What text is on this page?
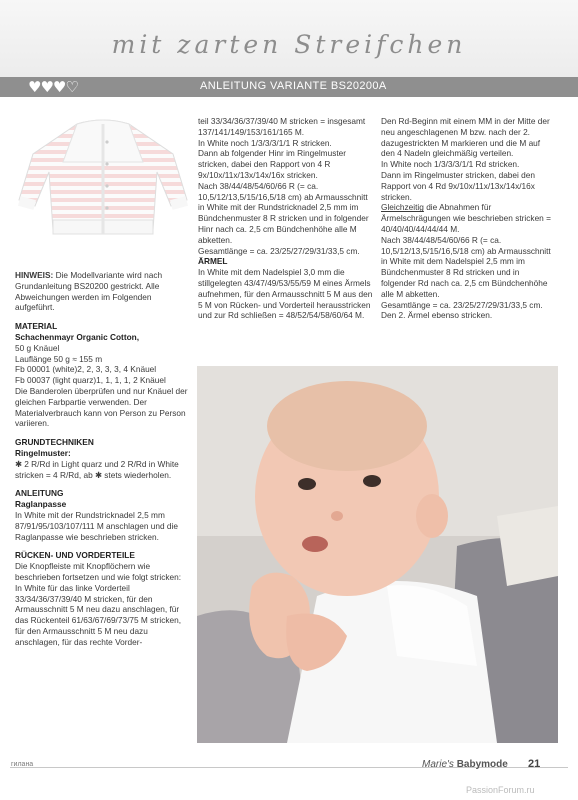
mit zarten Streifchen
♥♥♥♡	ANLEITUNG VARIANTE BS20200A

HINWEIS: Die Modellvariante wird nach Grundanleitung BS20200 gestrickt. Alle Abweichungen werden im Folgenden aufgeführt.

MATERIAL

Schachenmayr Organic Cotton,

50 g Knäuel

Lauflänge 50 g ≈ 155 m

Fb 00001 (white)2, 2, 3, 3, 3, 4 Knäuel

Fb 00037 (light quarz)1, 1, 1, 1, 2 Knäuel

Die Banderolen überprüfen und nur Knäuel der gleichen Farbpartie verwenden. Der Materialverbrauch kann von Person zu Person variieren.

GRUNDTECHNIKEN

Ringelmuster:

✱ 2 R/Rd in Light quarz und 2 R/Rd in White stricken = 4 R/Rd, ab ✱ stets wiederholen.

ANLEITUNG

Raglanpasse

In White mit der Rundstricknadel 2,5 mm 87/91/95/103/107/111 M anschlagen und die Raglanpasse wie beschrieben stricken.

RÜCKEN- UND VORDERTEILE

Die Knopfleiste mit Knopflöchern wie beschrieben fortsetzen und wie folgt stricken: In White für das linke Vorderteil 33/34/36/37/39/40 M stricken, für den Armausschnitt 5 M neu dazu anschlagen, für das Rückenteil 61/63/67/69/73/75 M stricken, für den Armausschnitt 5 M neu dazu anschlagen, für das rechte Vorder-

teil 33/34/36/37/39/40 M stricken = insgesamt 137/141/149/153/161/165 M.

In White noch 1/3/3/3/1/1 R stricken.

Dann ab folgender Hinr im Ringelmuster stricken, dabei den Rapport von 4 R 9x/10x/11x/13x/14x/16x stricken.

Nach 38/44/48/54/60/66 R (= ca. 10,5/12/13,5/15/16,5/18 cm) ab Armausschnitt in White mit der Rundstricknadel 2,5 mm im Bündchenmuster 8 R stricken und in folgender Hinr nach ca. 2,5 cm Bündchenhöhe alle M abketten.

Gesamtlänge = ca. 23/25/27/29/31/33,5 cm.

ÄRMEL

In White mit dem Nadelspiel 3,0 mm die stillgelegten 43/47/49/53/55/59 M eines Ärmels aufnehmen, für den Armausschnitt 5 M aus den 5 M von Rücken- und Vorderteil herausstricken und zur Rd schließen = 48/52/54/58/60/64 M.

Den Rd-Beginn mit einem MM in der Mitte der neu angeschlagenen M bzw. nach der 2. dazugestrickten M markieren und die M auf den 4 Nadeln gleichmäßig verteilen.

In White noch 1/3/3/3/1/1 Rd stricken.

Dann im Ringelmuster stricken, dabei den Rapport von 4 Rd 9x/10x/11x/13x/14x/16x stricken.

Gleichzeitig die Abnahmen für Ärmelschrägungen wie beschrieben stricken = 40/40/40/44/44/44 M.

Nach 38/44/48/54/60/66 R (= ca. 10,5/12/13,5/15/16,5/18 cm) ab Armausschnitt in White mit dem Nadelspiel 2,5 mm im Bündchenmuster 8 Rd stricken und in folgender Rd nach ca. 2,5 cm Bündchenhöhe alle M abketten.

Gesamtlänge = ca. 23/25/27/29/31/33,5 cm.

Den 2. Ärmel ebenso stricken.

гилана	Marie's Babymode 21
PassionForum.ru
